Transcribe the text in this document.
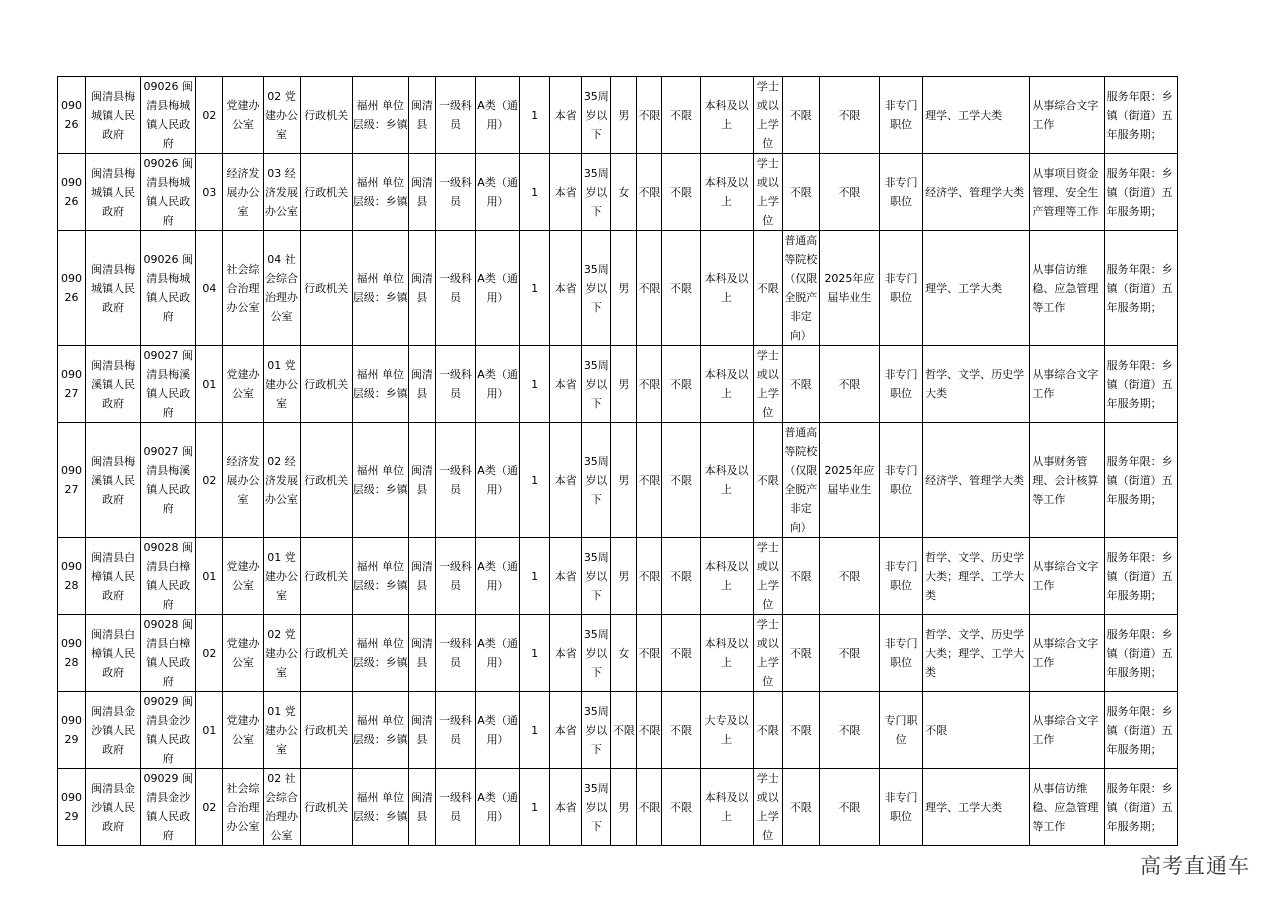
09026	闽清县梅城镇人民政府	09026 闽清县梅城镇人民政府	02	党建办公室	02 党建办公室	行政机关	福州 单位层级：乡镇	闽清县	一级科员	A类（通用）	1	本省	35周岁以下	男	不限	不限	本科及以上	学士或以上学位	不限	不限	非专门职位	理学、工学大类	从事综合文字工作	服务年限：乡镇（街道）五年服务期；
09026	闽清县梅城镇人民政府	09026 闽清县梅城镇人民政府	03	经济发展办公室	03 经济发展办公室	行政机关	福州 单位层级：乡镇	闽清县	一级科员	A类（通用）	1	本省	35周岁以下	女	不限	不限	本科及以上	学士或以上学位	不限	不限	非专门职位	经济学、管理学大类	从事项目资金管理、安全生产管理等工作	服务年限：乡镇（街道）五年服务期；
09026	闽清县梅城镇人民政府	09026 闽清县梅城镇人民政府	04	社会综合治理办公室	04 社会综合治理办公室	行政机关	福州 单位层级：乡镇	闽清县	一级科员	A类（通用）	1	本省	35周岁以下	男	不限	不限	本科及以上	不限	普通高等院校（仅限全脱产非定向）	2025年应届毕业生	非专门职位	理学、工学大类	从事信访维稳、应急管理等工作	服务年限：乡镇（街道）五年服务期；
09027	闽清县梅溪镇人民政府	09027 闽清县梅溪镇人民政府	01	党建办公室	01 党建办公室	行政机关	福州 单位层级：乡镇	闽清县	一级科员	A类（通用）	1	本省	35周岁以下	男	不限	不限	本科及以上	学士或以上学位	不限	不限	非专门职位	哲学、文学、历史学大类	从事综合文字工作	服务年限：乡镇（街道）五年服务期；
09027	闽清县梅溪镇人民政府	09027 闽清县梅溪镇人民政府	02	经济发展办公室	02 经济发展办公室	行政机关	福州 单位层级：乡镇	闽清县	一级科员	A类（通用）	1	本省	35周岁以下	男	不限	不限	本科及以上	不限	普通高等院校（仅限全脱产非定向）	2025年应届毕业生	非专门职位	经济学、管理学大类	从事财务管理、会计核算等工作	服务年限：乡镇（街道）五年服务期；
09028	闽清县白樟镇人民政府	09028 闽清县白樟镇人民政府	01	党建办公室	01 党建办公室	行政机关	福州 单位层级：乡镇	闽清县	一级科员	A类（通用）	1	本省	35周岁以下	男	不限	不限	本科及以上	学士或以上学位	不限	不限	非专门职位	哲学、文学、历史学大类；理学、工学大类	从事综合文字工作	服务年限：乡镇（街道）五年服务期；
09028	闽清县白樟镇人民政府	09028 闽清县白樟镇人民政府	02	党建办公室	02 党建办公室	行政机关	福州 单位层级：乡镇	闽清县	一级科员	A类（通用）	1	本省	35周岁以下	女	不限	不限	本科及以上	学士或以上学位	不限	不限	非专门职位	哲学、文学、历史学大类；理学、工学大类	从事综合文字工作	服务年限：乡镇（街道）五年服务期；
09029	闽清县金沙镇人民政府	09029 闽清县金沙镇人民政府	01	党建办公室	01 党建办公室	行政机关	福州 单位层级：乡镇	闽清县	一级科员	A类（通用）	1	本省	35周岁以下	不限	不限	不限	大专及以上	不限	不限	不限	专门职位	不限	从事综合文字工作	服务年限：乡镇（街道）五年服务期；
09029	闽清县金沙镇人民政府	09029 闽清县金沙镇人民政府	02	社会综合治理办公室	02 社会综合治理办公室	行政机关	福州 单位层级：乡镇	闽清县	一级科员	A类（通用）	1	本省	35周岁以下	男	不限	不限	本科及以上	学士或以上学位	不限	不限	非专门职位	理学、工学大类	从事信访维稳、应急管理等工作	服务年限：乡镇（街道）五年服务期；
高考直通车
